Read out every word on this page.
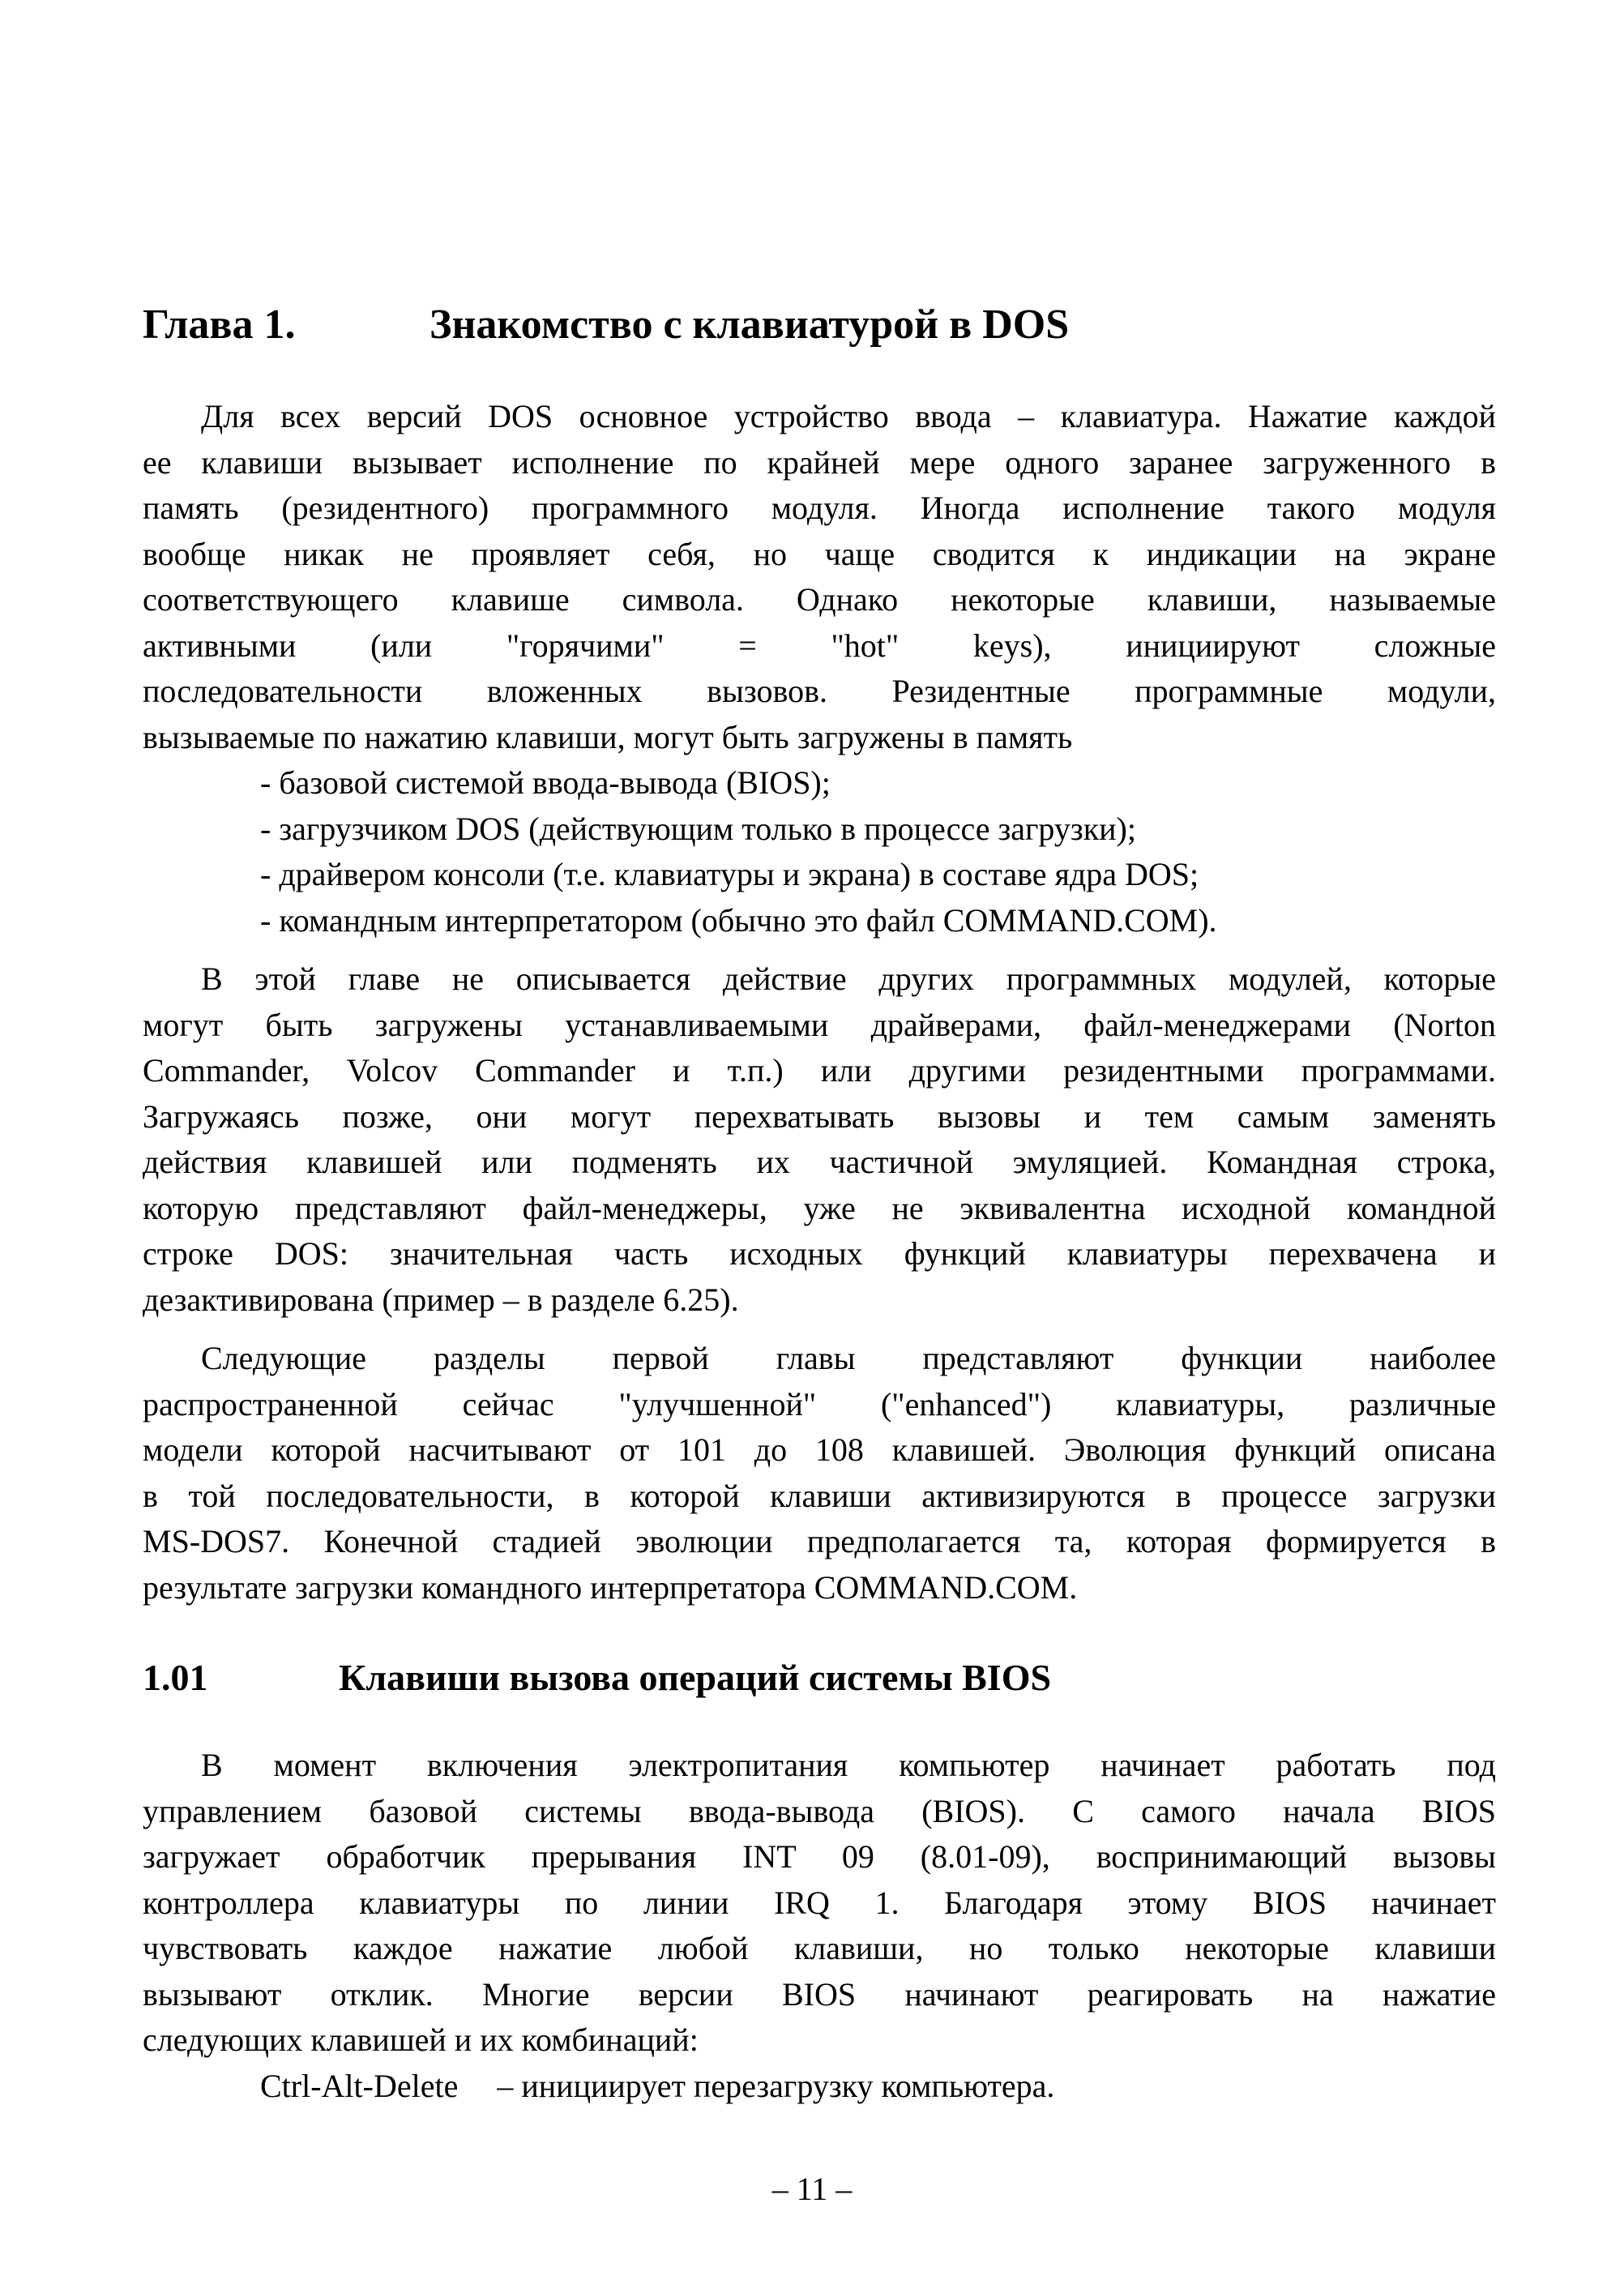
Глава 1.	Знакомство с клавиатурой в DOS
Для всех версий DOS основное устройство ввода – клавиатура. Нажатие каждой
ее клавиши вызывает исполнение по крайней мере одного заранее загруженного в
память (резидентного) программного модуля. Иногда исполнение такого модуля
вообще никак не проявляет себя, но чаще сводится к индикации на экране
соответствующего клавише символа. Однако некоторые клавиши, называемые
активными (или "горячими" = "hot" keys), инициируют сложные
последовательности вложенных вызовов. Резидентные программные модули,
вызываемые по нажатию клавиши, могут быть загружены в память
- базовой системой ввода-вывода (BIOS);
- загрузчиком DOS (действующим только в процессе загрузки);
- драйвером консоли (т.е. клавиатуры и экрана) в составе ядра DOS;
- командным интерпретатором (обычно это файл COMMAND.COM).
В этой главе не описывается действие других программных модулей, которые
могут быть загружены устанавливаемыми драйверами, файл-менеджерами (Norton
Commander, Volcov Commander и т.п.) или другими резидентными программами.
Загружаясь позже, они могут перехватывать вызовы и тем самым заменять
действия клавишей или подменять их частичной эмуляцией. Командная строка,
которую представляют файл-менеджеры, уже не эквивалентна исходной командной
строке DOS: значительная часть исходных функций клавиатуры перехвачена и
дезактивирована (пример – в разделе 6.25).
Следующие разделы первой главы представляют функции наиболее
распространенной сейчас "улучшенной" ("enhanced") клавиатуры, различные
модели которой насчитывают от 101 до 108 клавишей. Эволюция функций описана
в той последовательности, в которой клавиши активизируются в процессе загрузки
MS-DOS7. Конечной стадией эволюции предполагается та, которая формируется в
результате загрузки командного интерпретатора COMMAND.COM.
1.01	Клавиши вызова операций системы BIOS
В момент включения электропитания компьютер начинает работать под
управлением базовой системы ввода-вывода (BIOS). С самого начала BIOS
загружает обработчик прерывания INT 09 (8.01-09), воспринимающий вызовы
контроллера клавиатуры по линии IRQ 1. Благодаря этому BIOS начинает
чувствовать каждое нажатие любой клавиши, но только некоторые клавиши
вызывают отклик. Многие версии BIOS начинают реагировать на нажатие
следующих клавишей и их комбинаций:
Ctrl-Alt-Delete – инициирует перезагрузку компьютера.
– 11 –
